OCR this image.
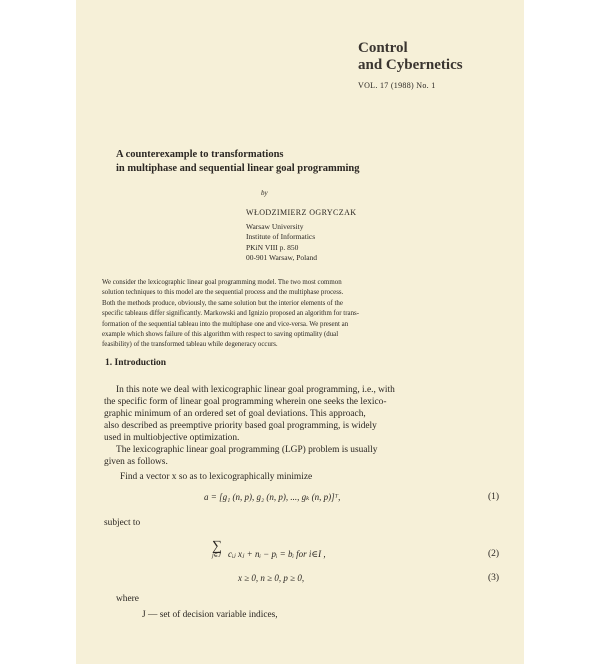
Control
and Cybernetics
VOL. 17 (1988) No. 1
A counterexample to transformations
in multiphase and sequential linear goal programming
by
WŁODZIMIERZ OGRYCZAK
Warsaw University
Institute of Informatics
PKiN VIII p. 850
00-901 Warsaw, Poland
We consider the lexicographic linear goal programming model. The two most common
solution techniques to this model are the sequential process and the multiphase process.
Both the methods produce, obviously, the same solution but the interior elements of the
specific tableaus differ significantly. Markowski and Ignizio proposed an algorithm for trans-
formation of the sequential tableau into the multiphase one and vice-versa. We present an
example which shows failure of this algorithm with respect to saving optimality (dual
feasibility) of the transformed tableau while degeneracy occurs.
1. Introduction
In this note we deal with lexicographic linear goal programming, i.e., with
the specific form of linear goal programming wherein one seeks the lexico-
graphic minimum of an ordered set of goal deviations. This approach,
also described as preemptive priority based goal programming, is widely
used in multiobjective optimization.
The lexicographic linear goal programming (LGP) problem is usually
given as follows.
Find a vector x so as to lexicographically minimize
a = [g₁ (n, p), g₂ (n, p), ..., gₖ (n, p)]ᵀ,	(1)
subject to
∑
j∈J cᵢⱼ xⱼ + nᵢ − pᵢ = bᵢ for i∈I ,	(2)
x ≥ 0, n ≥ 0, p ≥ 0,	(3)
where
J — set of decision variable indices,
